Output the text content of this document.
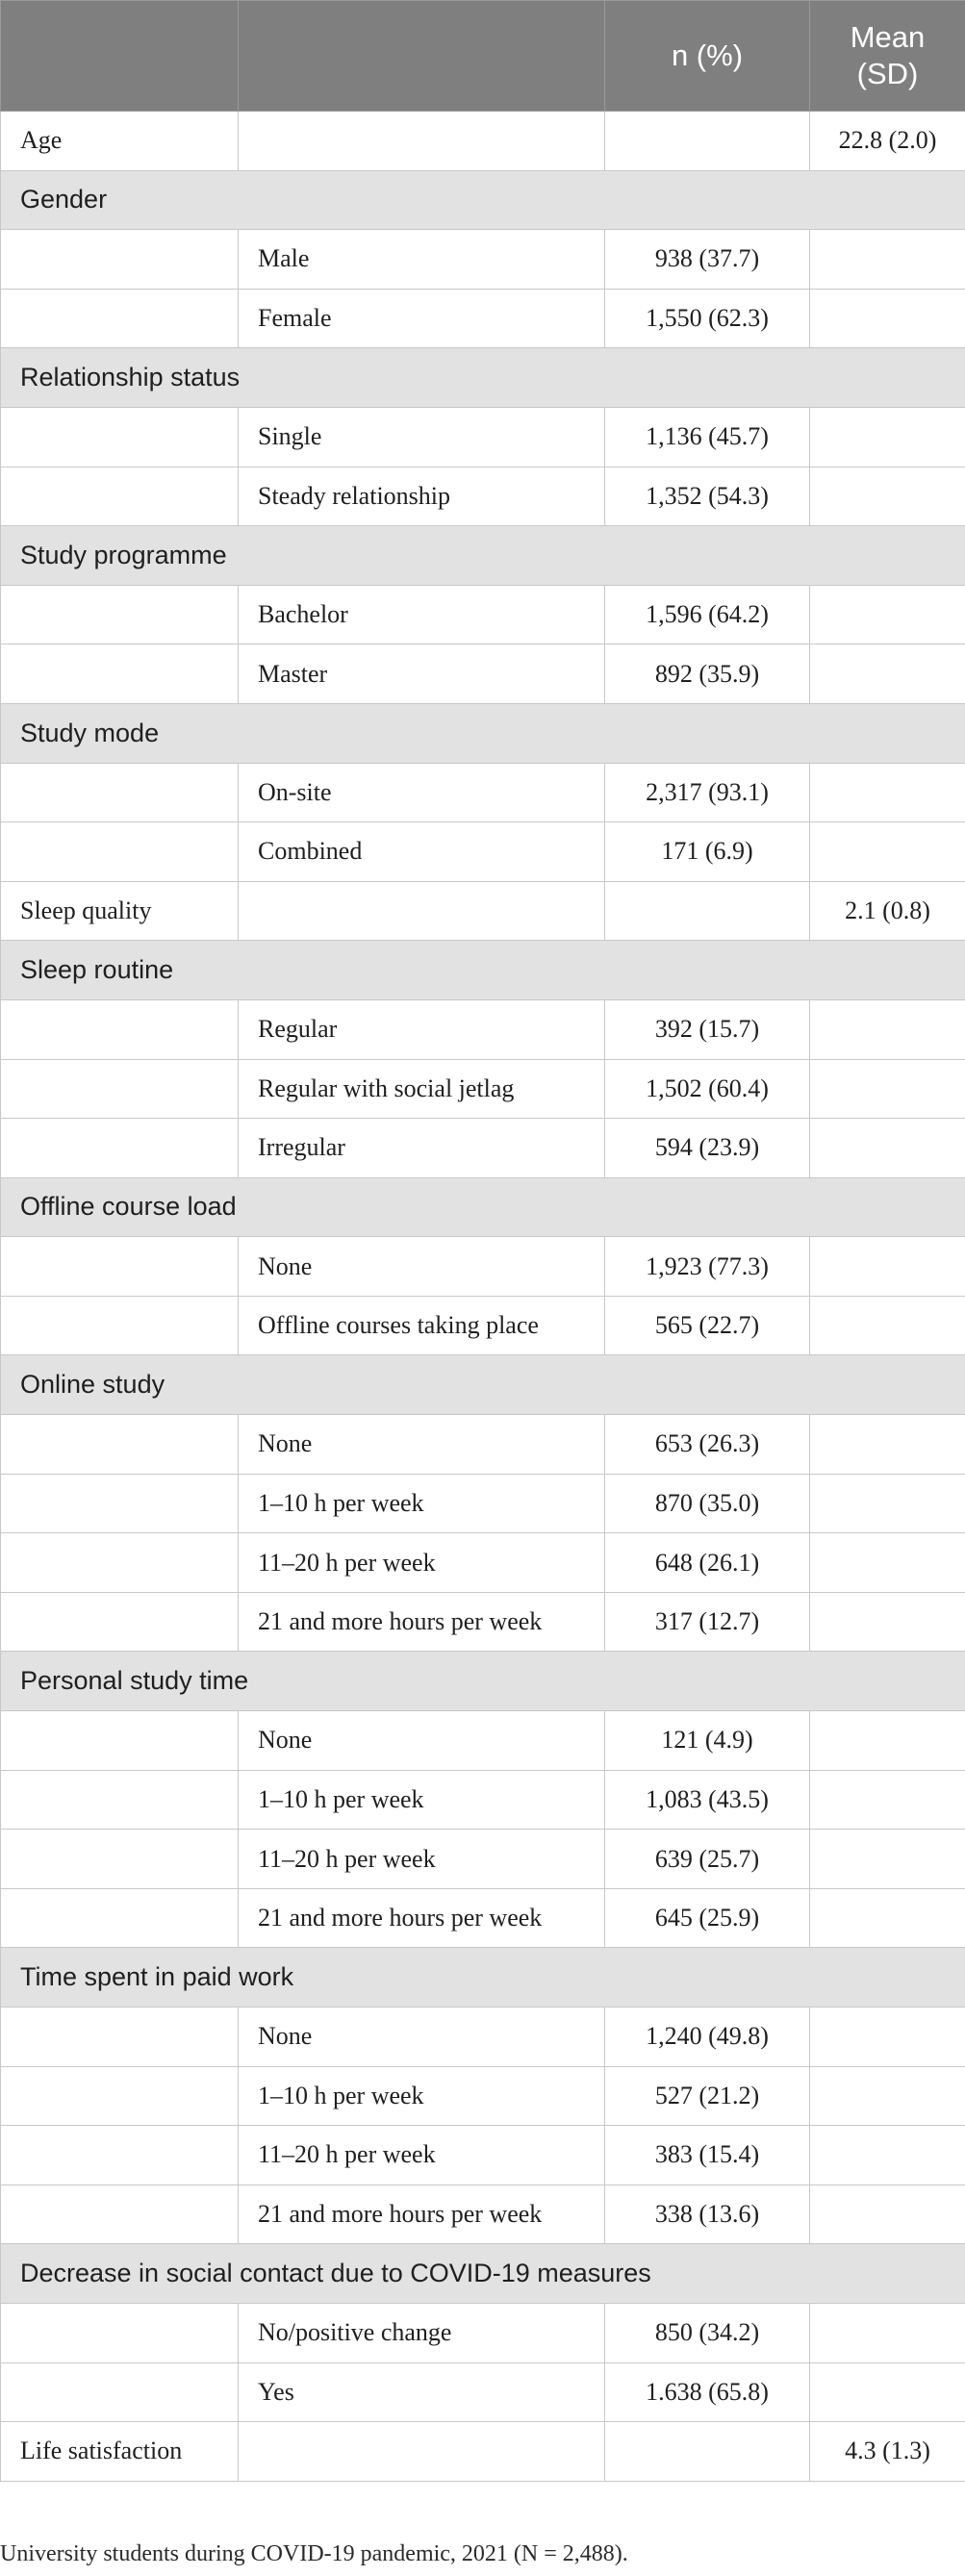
		n (%)	Mean (SD)
Age			22.8 (2.0)
Gender			
	Male	938 (37.7)	
	Female	1,550 (62.3)	
Relationship status			
	Single	1,136 (45.7)	
	Steady relationship	1,352 (54.3)	
Study programme			
	Bachelor	1,596 (64.2)	
	Master	892 (35.9)	
Study mode			
	On-site	2,317 (93.1)	
	Combined	171 (6.9)	
Sleep quality			2.1 (0.8)
Sleep routine			
	Regular	392 (15.7)	
	Regular with social jetlag	1,502 (60.4)	
	Irregular	594 (23.9)	
Offline course load			
	None	1,923 (77.3)	
	Offline courses taking place	565 (22.7)	
Online study			
	None	653 (26.3)	
	1–10 h per week	870 (35.0)	
	11–20 h per week	648 (26.1)	
	21 and more hours per week	317 (12.7)	
Personal study time			
	None	121 (4.9)	
	1–10 h per week	1,083 (43.5)	
	11–20 h per week	639 (25.7)	
	21 and more hours per week	645 (25.9)	
Time spent in paid work			
	None	1,240 (49.8)	
	1–10 h per week	527 (21.2)	
	11–20 h per week	383 (15.4)	
	21 and more hours per week	338 (13.6)	
Decrease in social contact due to COVID-19 measures			
	No/positive change	850 (34.2)	
	Yes	1.638 (65.8)	
Life satisfaction			4.3 (1.3)
University students during COVID-19 pandemic, 2021 (N = 2,488).
